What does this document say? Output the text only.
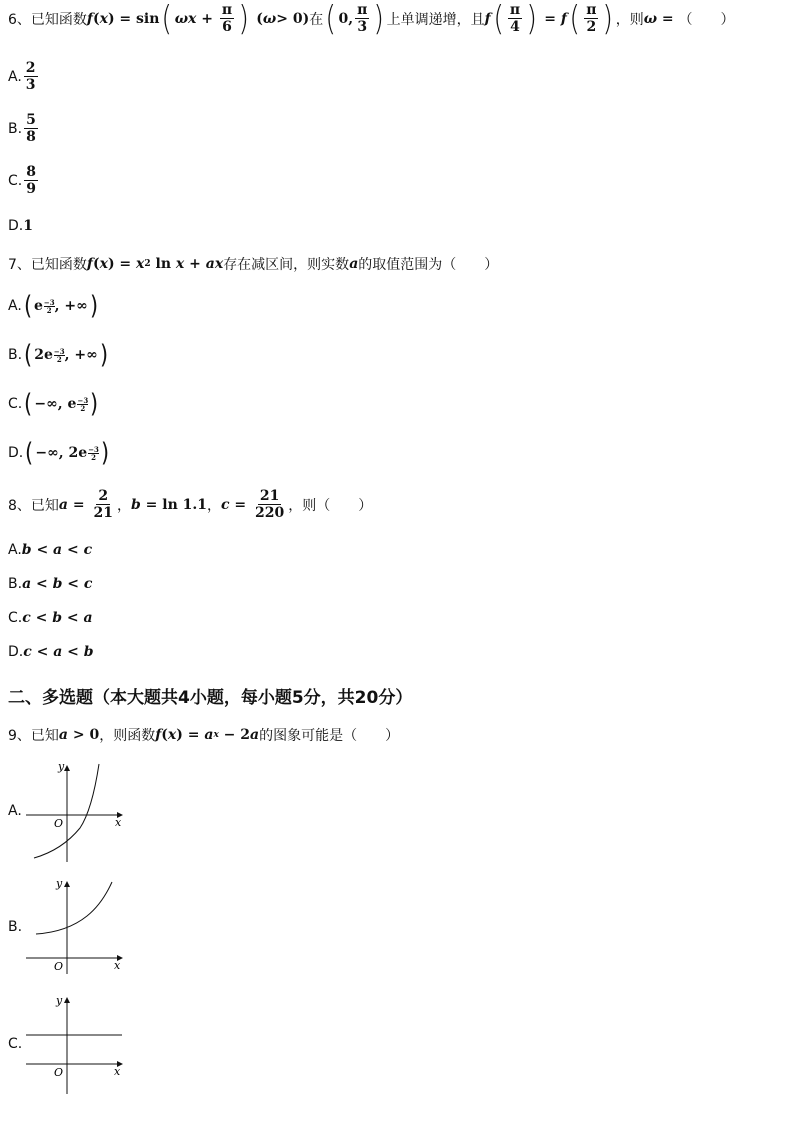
6、 已知函数 f ( x ) = sin ( $\omega x + \frac{\pi}{6}$ ) ( ω > 0) 在 ( 0, $\frac{\pi}{3}$ ) 上单调递增，且 f ( $\frac{\pi}{4}$ ) = f ( $\frac{\pi}{2}$ ) ，则 ω = （　　）
A. $\frac{2}{3}$
B. $\frac{5}{8}$
C. $\frac{8}{9}$
D. 1
7、 已知函数 f ( x ) = x 2 ln x + ax 存在减区间，则实数 a 的取值范围为（　　）
A. ( e $\frac{-3}{2}$ , +∞ )
B. ( $2e \frac{-3}{2}$ , +∞ )
C. ( −∞, e $\frac{-3}{2}$ )
D. ( −∞, $2e \frac{-3}{2}$ )
8、 已知 $a = \frac{2}{21}$ ， b = ln 1.1 ， $c = \frac{21}{220}$ ，则（　　）
A. b < a < c
B. a < b < c
C. c < b < a
D. c < a < b
二、多选题（本大题共4小题，每小题5分，共20分）
9、 已知 a > 0 ，则函数 f ( x ) = a x − 2 a 的图象可能是（　　）
A.
y
x
O
B.
y
x
O
C.
y
x
O
